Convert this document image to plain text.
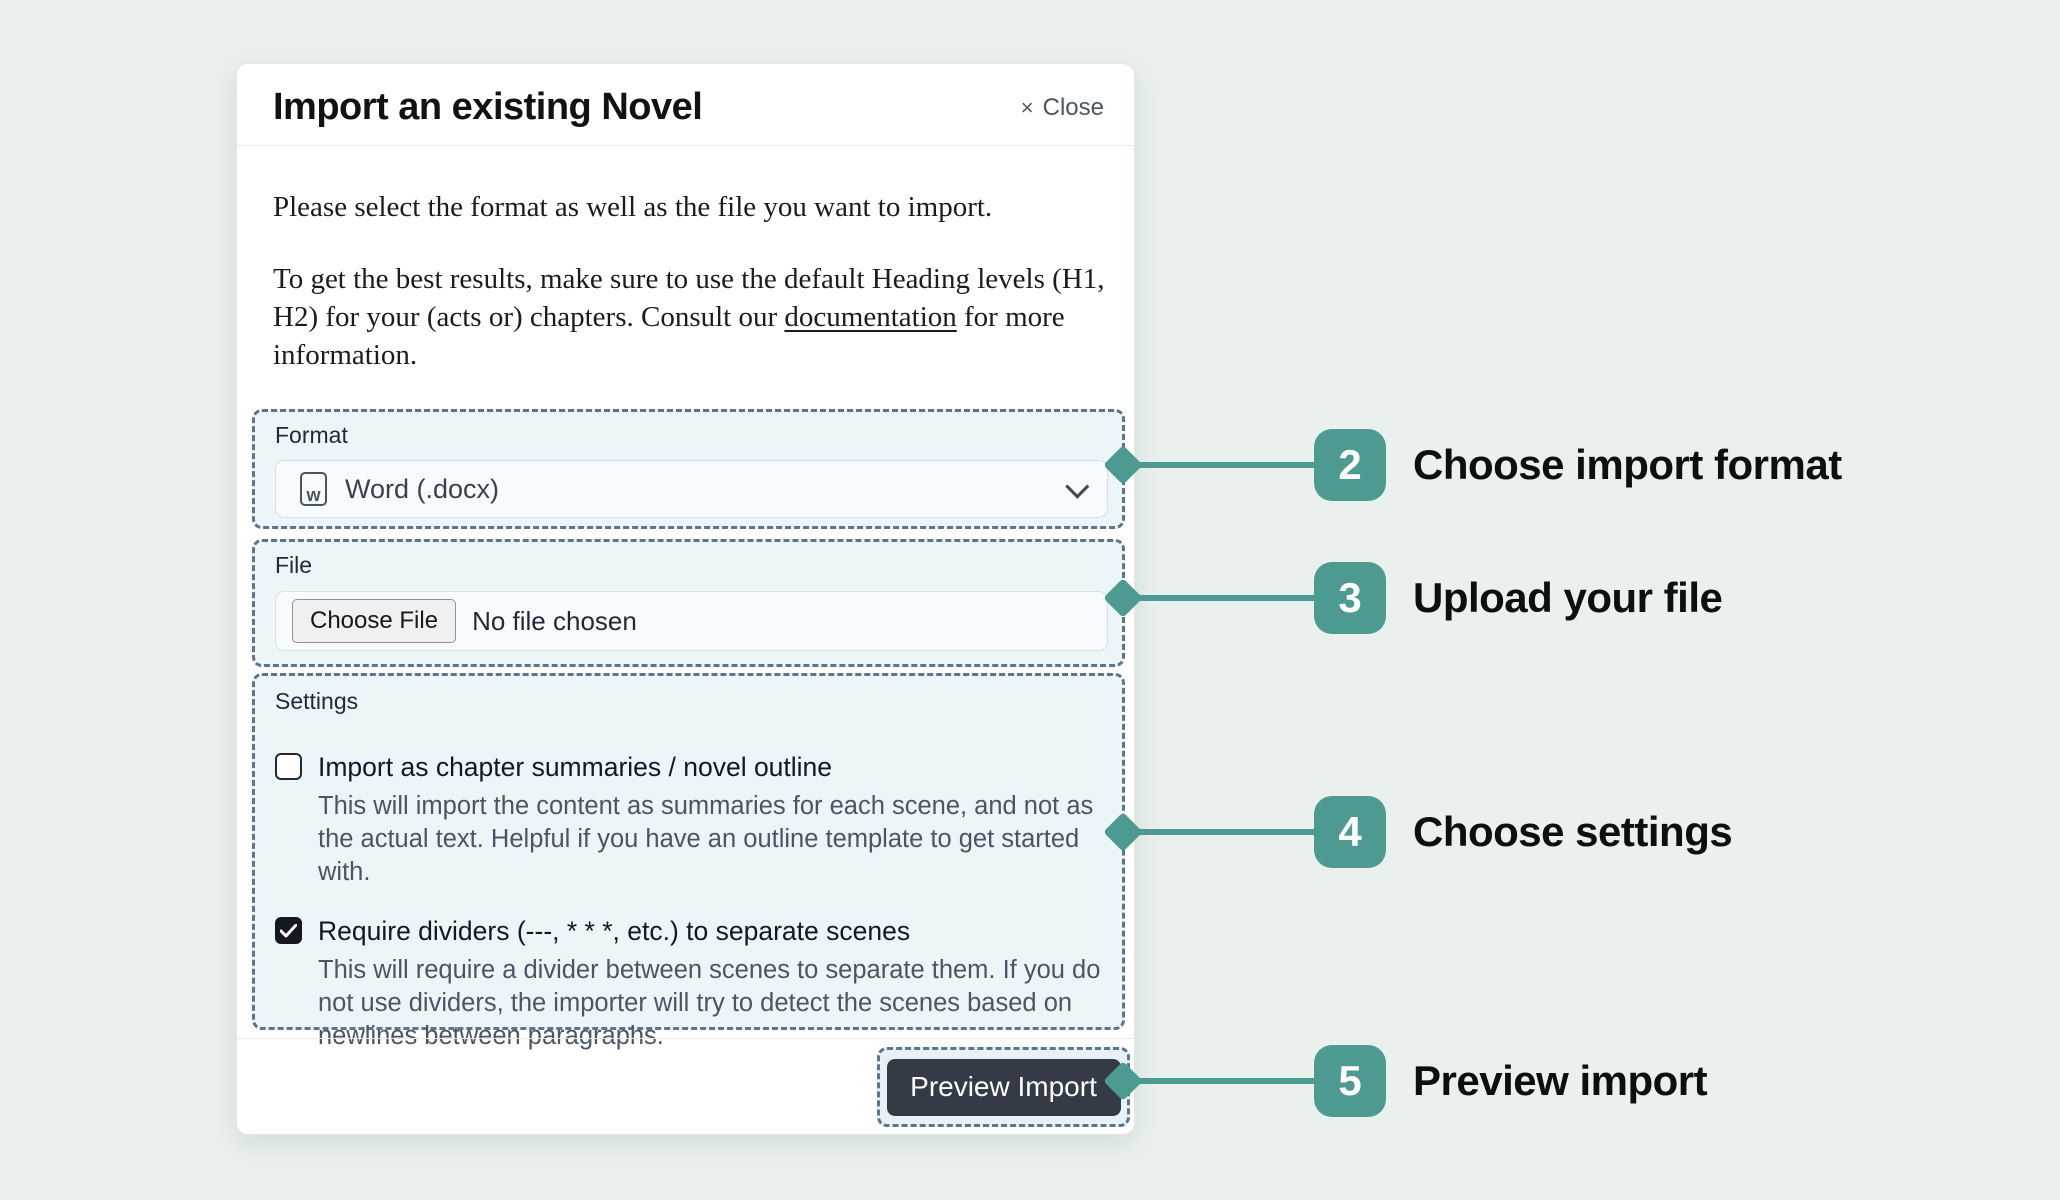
Import an existing Novel	× Close

Please select the format as well as the file you want to import.

To get the best results, make sure to use the default Heading levels (H1, H2) for your (acts or) chapters. Consult our documentation for more information.

Format
w
Word (.docx)
File
Choose File	No file chosen
Settings
Import as chapter summaries / novel outline
This will import the content as summaries for each scene, and not as the actual text. Helpful if you have an outline template to get started with.
Require dividers (---, * * *, etc.) to separate scenes
This will require a divider between scenes to separate them. If you do not use dividers, the importer will try to detect the scenes based on newlines between paragraphs.
Preview Import
2	Choose import format
3	Upload your file
4	Choose settings
5	Preview import
